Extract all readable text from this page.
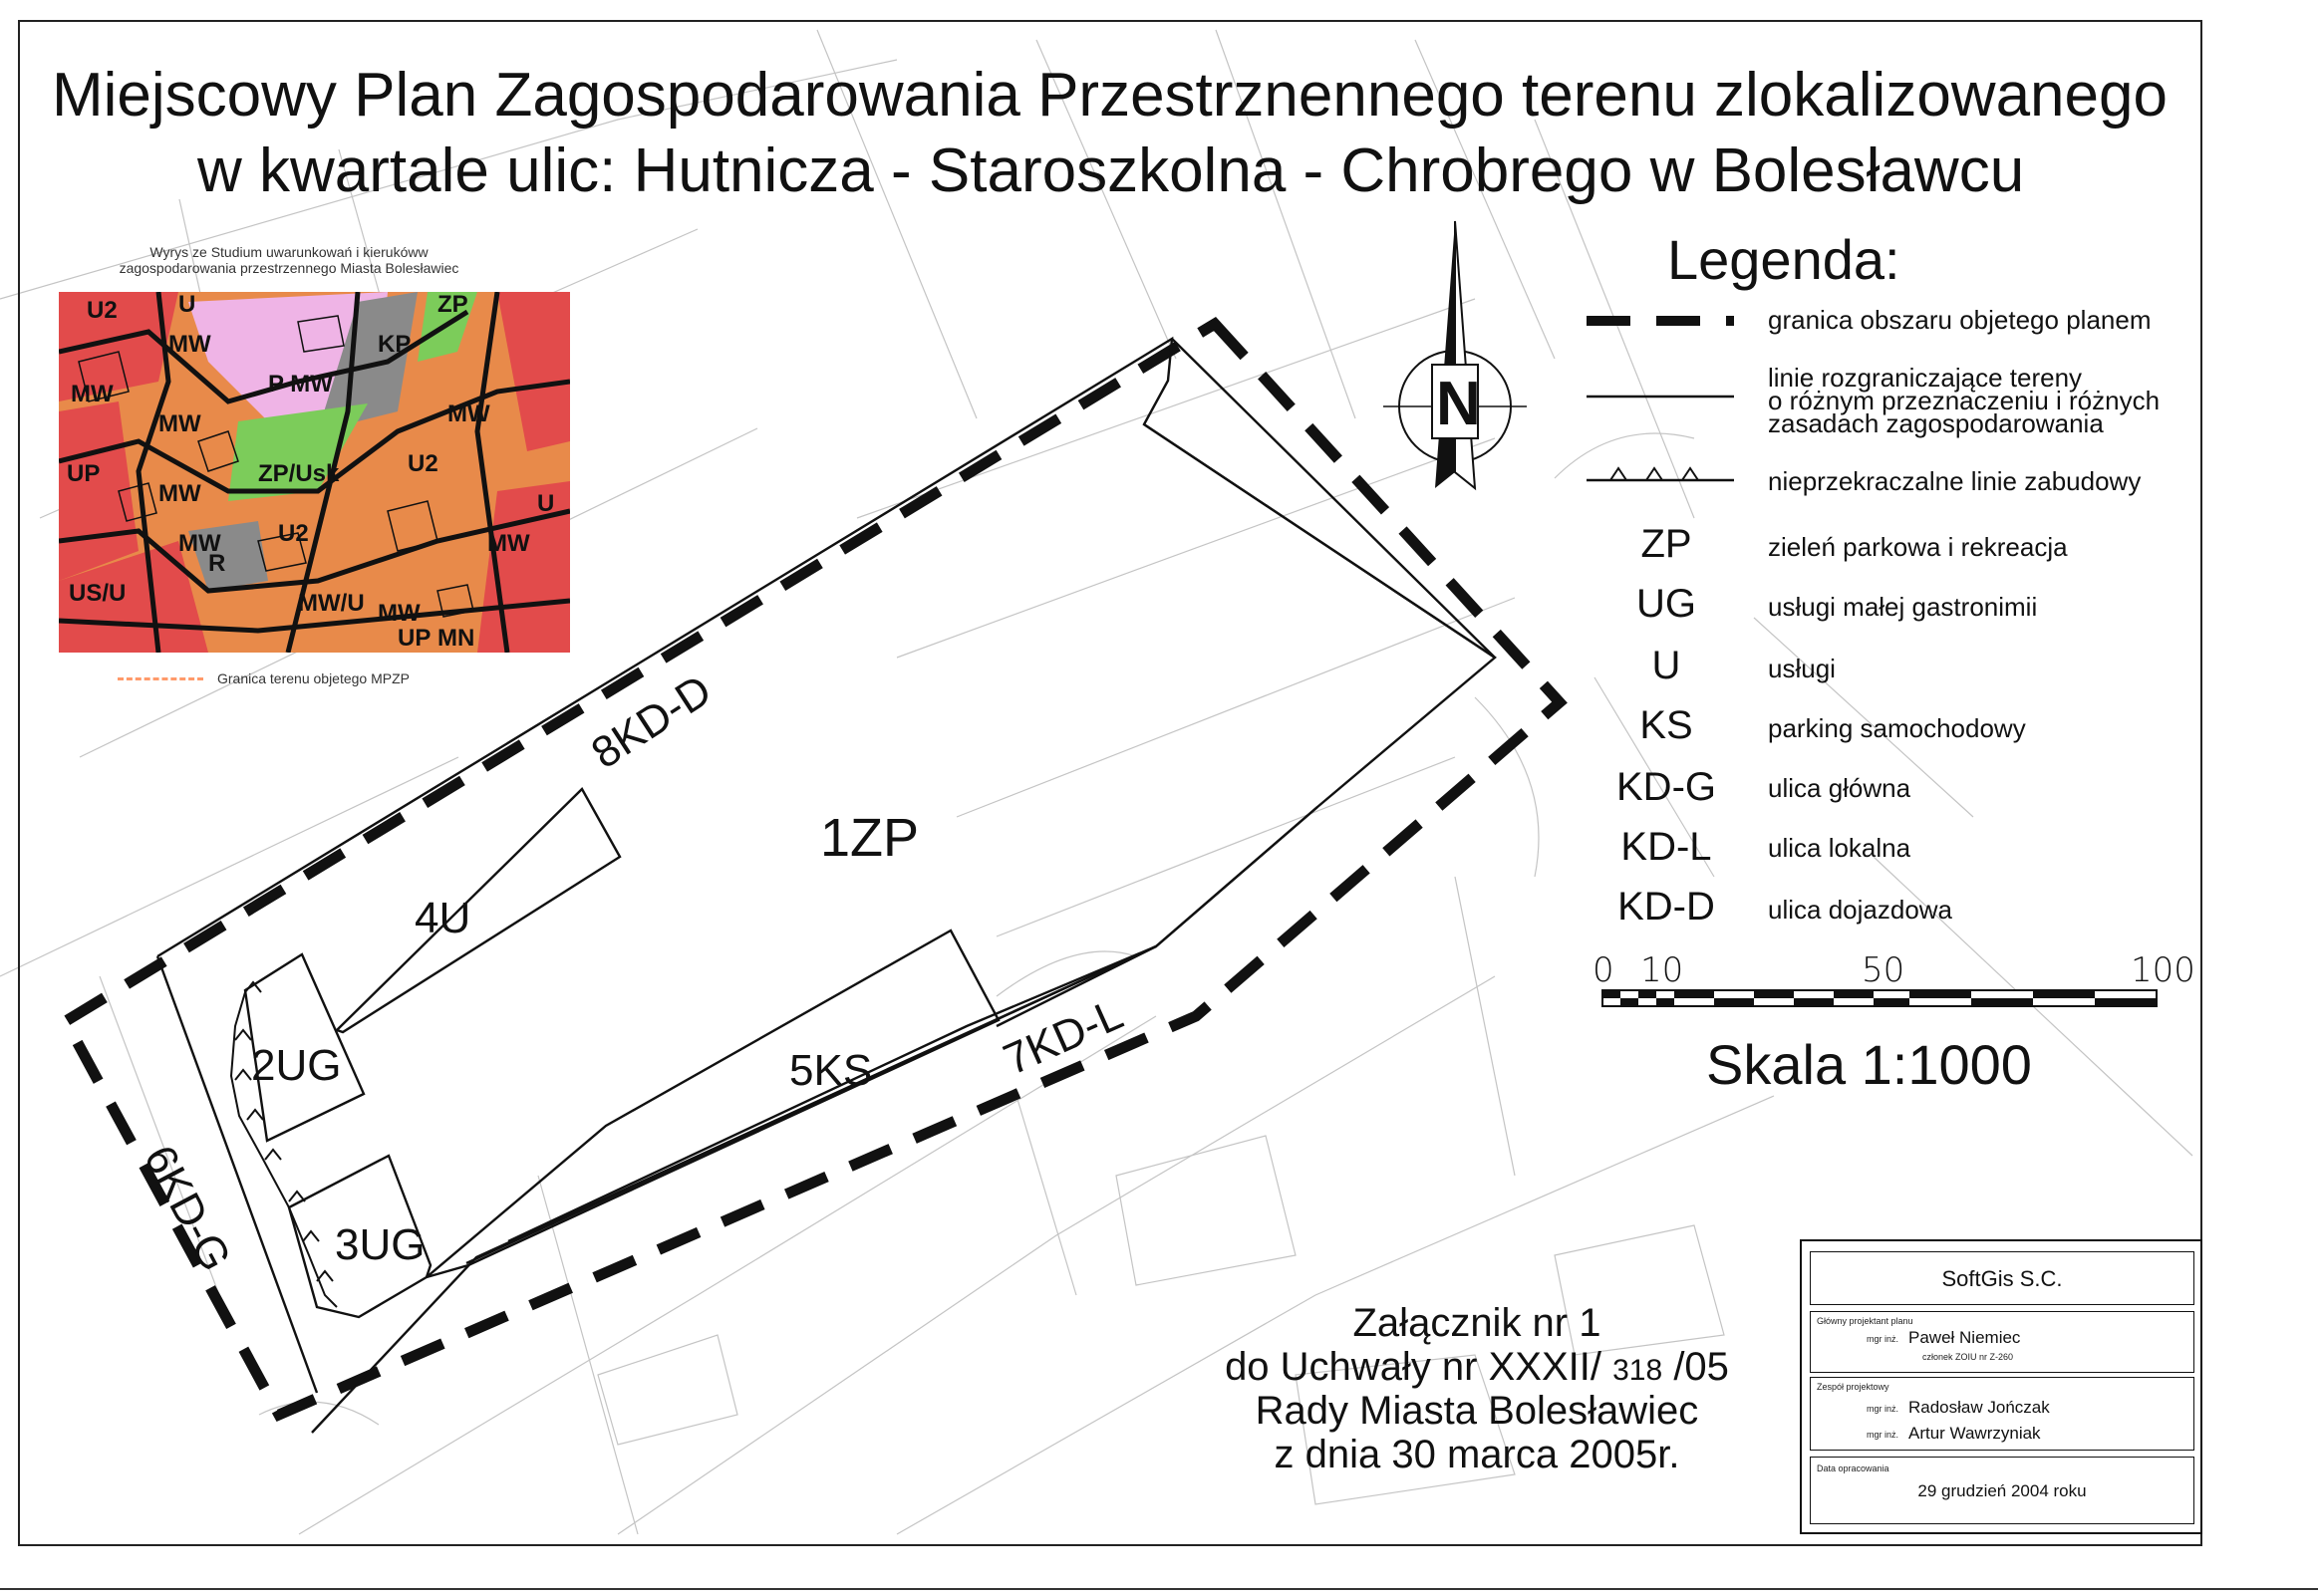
Miejscowy Plan Zagospodarowania Przestrznennego terenu zlokalizowanego
w kwartale ulic: Hutnicza - Staroszkolna - Chrobrego w Bolesławcu
Wyrys ze Studium uwarunkowań i kierukóww
zagospodarowania przestrzennego Miasta Bolesławiec
U2
MW
MW
MW
UP
MW
MW
P MW
ZP/Usk	U2
MW
U2
R
US/U
U
MW/U MW
MW
UP MN
ZP
KP
U
Granica terenu objetego MPZP
1ZP
4U
2UG
3UG
5KS	7KD-L
8KD-D
6KD-G
N
Legenda:
granica obszaru objetego planem
linie rozgraniczające tereny
o różnym przeznaczeniu i różnych
zasadach zagospodarowania
nieprzekraczalne linie zabudowy
ZP	zieleń parkowa i rekreacja
UG	usługi małej gastronimii
U	usługi
KS	parking samochodowy
KD-G	ulica główna
KD-L	ulica lokalna
KD-D	ulica dojazdowa
0 10	50	100
Skala 1:1000
Załącznik nr 1
do Uchwały nr XXXII/ 318 /05
Rady Miasta Bolesławiec
z dnia 30 marca 2005r.
SoftGis S.C.
Główny projektant planu
mgr inż. Paweł Niemiec
członek ZOIU nr Z-260
Zespół projektowy
mgr inż. Radosław Jończak
mgr inż. Artur Wawrzyniak
Data opracowania
29 grudzień 2004 roku
